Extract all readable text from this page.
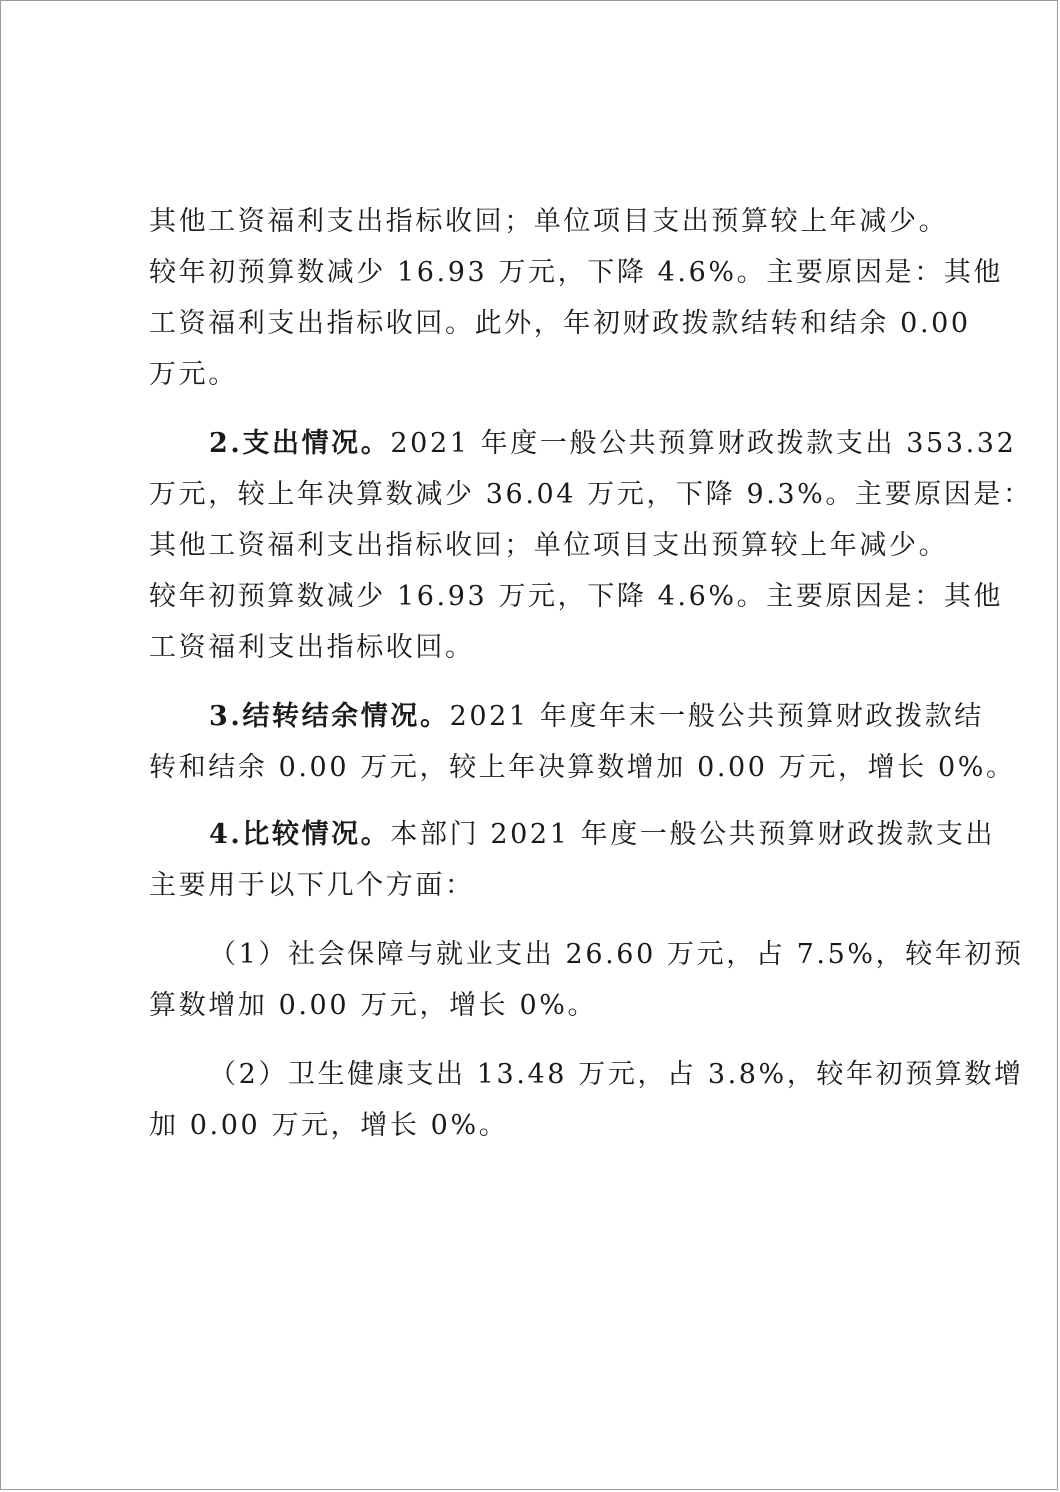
其他工资福利支出指标收回；单位项目支出预算较上年减少。
较年初预算数减少 16.93 万元，下降 4.6%。主要原因是：其他
工资福利支出指标收回。此外，年初财政拨款结转和结余 0.00
万元。

2.支出情况。2021 年度一般公共预算财政拨款支出 353.32
万元，较上年决算数减少 36.04 万元，下降 9.3%。主要原因是：
其他工资福利支出指标收回；单位项目支出预算较上年减少。
较年初预算数减少 16.93 万元，下降 4.6%。主要原因是：其他
工资福利支出指标收回。

3.结转结余情况。2021 年度年末一般公共预算财政拨款结
转和结余 0.00 万元，较上年决算数增加 0.00 万元，增长 0%。

4.比较情况。本部门 2021 年度一般公共预算财政拨款支出
主要用于以下几个方面：

（1）社会保障与就业支出 26.60 万元，占 7.5%，较年初预
算数增加 0.00 万元，增长 0%。

（2）卫生健康支出 13.48 万元，占 3.8%，较年初预算数增
加 0.00 万元，增长 0%。
